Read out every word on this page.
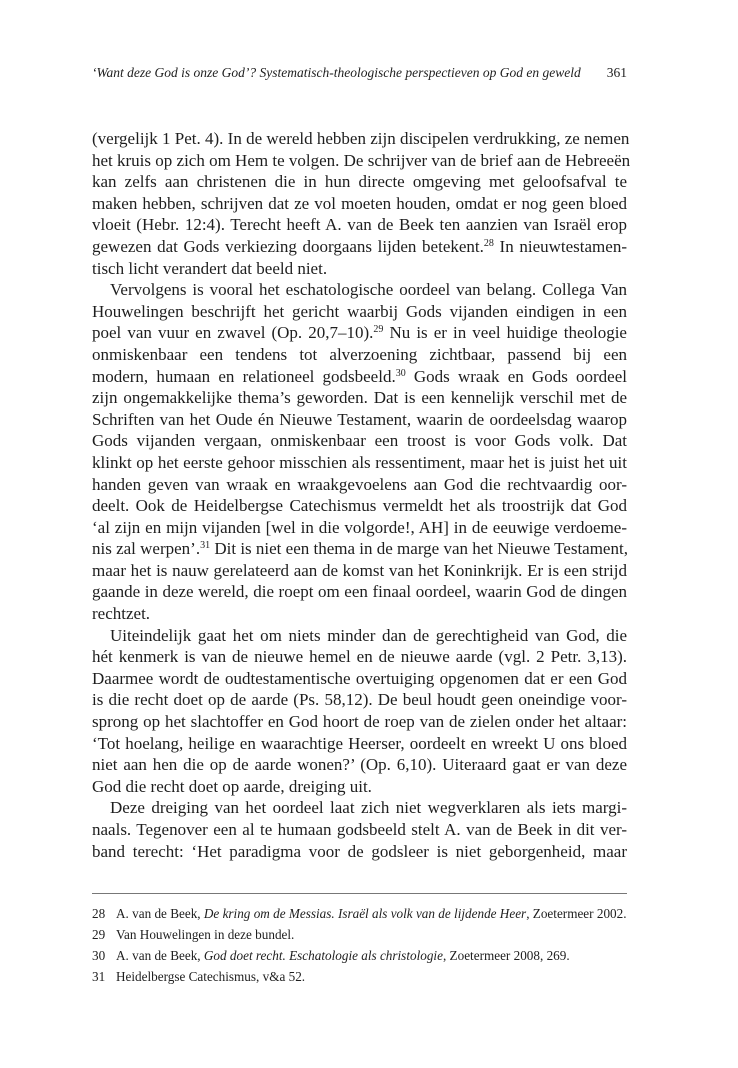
‘Want deze God is onze God’? Systematisch-theologische perspectieven op God en geweld 361
(vergelijk 1 Pet. 4). In de wereld hebben zijn discipelen verdrukking, ze nemen
het kruis op zich om Hem te volgen. De schrijver van de brief aan de Hebreeën
kan zelfs aan christenen die in hun directe omgeving met geloofsafval te
maken hebben, schrijven dat ze vol moeten houden, omdat er nog geen bloed
vloeit (Hebr. 12:4). Terecht heeft A. van de Beek ten aanzien van Israël erop
gewezen dat Gods verkiezing doorgaans lijden betekent.$^{28}$ In nieuwtestamen-
tisch licht verandert dat beeld niet.
Vervolgens is vooral het eschatologische oordeel van belang. Collega Van
Houwelingen beschrijft het gericht waarbij Gods vijanden eindigen in een
poel van vuur en zwavel (Op. 20,7–10).$^{29}$ Nu is er in veel huidige theologie
onmiskenbaar een tendens tot alverzoening zichtbaar, passend bij een
modern, humaan en relationeel godsbeeld.$^{30}$ Gods wraak en Gods oordeel
zijn ongemakkelijke thema’s geworden. Dat is een kennelijk verschil met de
Schriften van het Oude én Nieuwe Testament, waarin de oordeelsdag waarop
Gods vijanden vergaan, onmiskenbaar een troost is voor Gods volk. Dat
klinkt op het eerste gehoor misschien als ressentiment, maar het is juist het uit
handen geven van wraak en wraakgevoelens aan God die rechtvaardig oor-
deelt. Ook de Heidelbergse Catechismus vermeldt het als troostrijk dat God
‘al zijn en mijn vijanden [wel in die volgorde!, AH] in de eeuwige verdoeme-
nis zal werpen’.$^{31}$ Dit is niet een thema in de marge van het Nieuwe Testament,
maar het is nauw gerelateerd aan de komst van het Koninkrijk. Er is een strijd
gaande in deze wereld, die roept om een finaal oordeel, waarin God de dingen
rechtzet.
Uiteindelijk gaat het om niets minder dan de gerechtigheid van God, die
hét kenmerk is van de nieuwe hemel en de nieuwe aarde (vgl. 2 Petr. 3,13).
Daarmee wordt de oudtestamentische overtuiging opgenomen dat er een God
is die recht doet op de aarde (Ps. 58,12). De beul houdt geen oneindige voor-
sprong op het slachtoffer en God hoort de roep van de zielen onder het altaar:
‘Tot hoelang, heilige en waarachtige Heerser, oordeelt en wreekt U ons bloed
niet aan hen die op de aarde wonen?’ (Op. 6,10). Uiteraard gaat er van deze
God die recht doet op aarde, dreiging uit.
Deze dreiging van het oordeel laat zich niet wegverklaren als iets margi-
naals. Tegenover een al te humaan godsbeeld stelt A. van de Beek in dit ver-
band terecht: ‘Het paradigma voor de godsleer is niet geborgenheid, maar
28 A. van de Beek, De kring om de Messias. Israël als volk van de lijdende Heer, Zoetermeer 2002.
29 Van Houwelingen in deze bundel.
30 A. van de Beek, God doet recht. Eschatologie als christologie, Zoetermeer 2008, 269.
31 Heidelbergse Catechismus, v&a 52.
